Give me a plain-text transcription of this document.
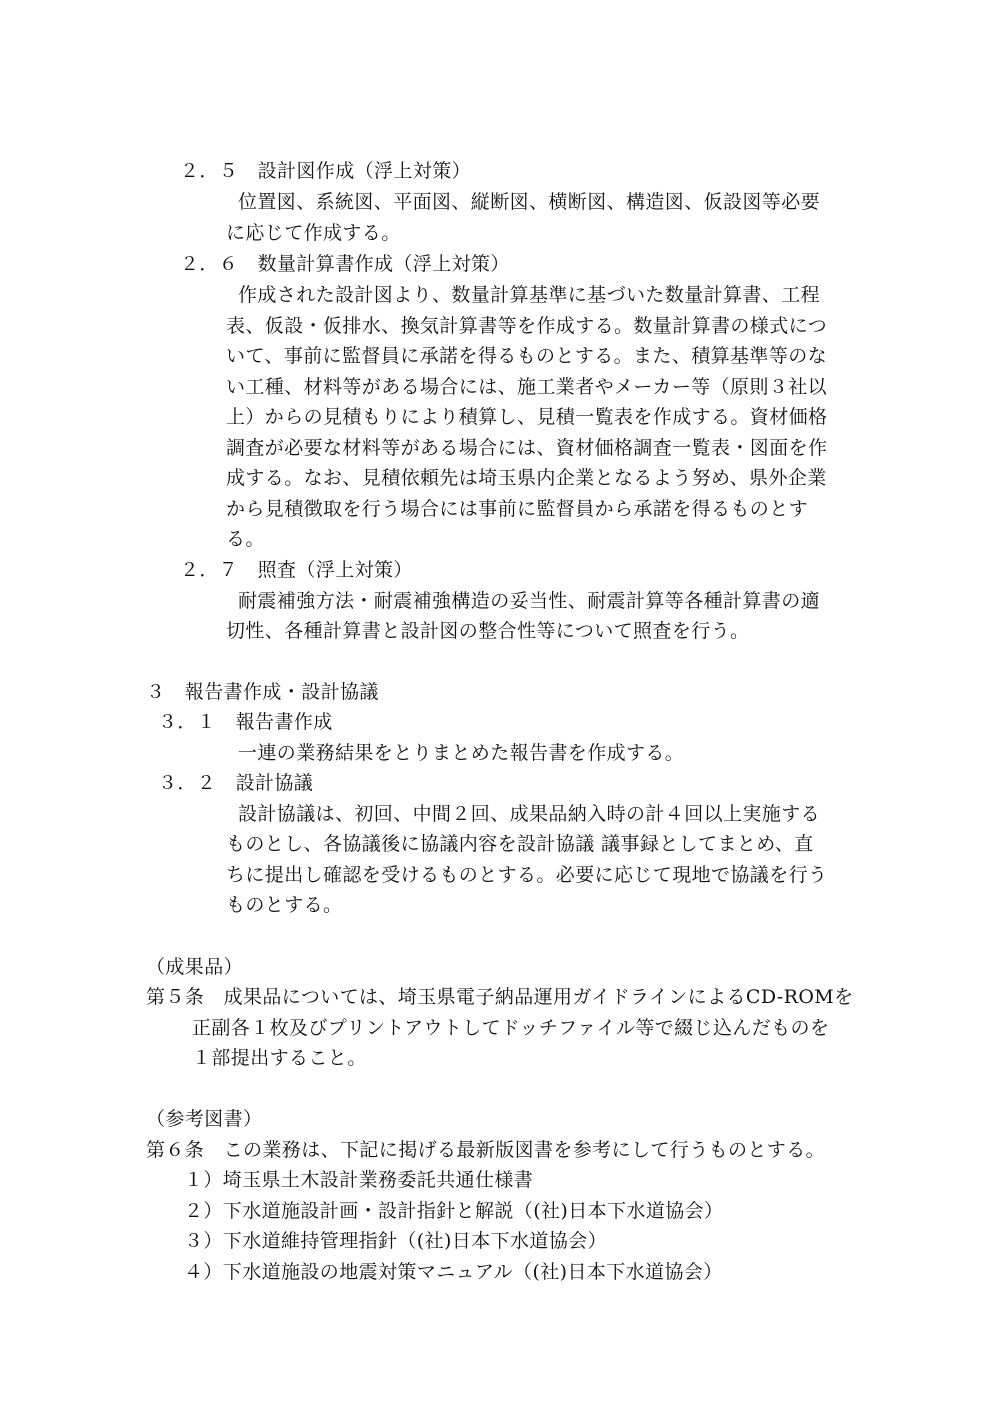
２．５　設計図作成（浮上対策）
位置図、系統図、平面図、縦断図、横断図、構造図、仮設図等必要
に応じて作成する。
２．６　数量計算書作成（浮上対策）
作成された設計図より、数量計算基準に基づいた数量計算書、工程
表、仮設・仮排水、換気計算書等を作成する。数量計算書の様式につ
いて、事前に監督員に承諾を得るものとする。また、積算基準等のな
い工種、材料等がある場合には、施工業者やメーカー等（原則３社以
上）からの見積もりにより積算し、見積一覧表を作成する。資材価格
調査が必要な材料等がある場合には、資材価格調査一覧表・図面を作
成する。なお、見積依頼先は埼玉県内企業となるよう努め、県外企業
から見積徴取を行う場合には事前に監督員から承諾を得るものとす
る。
２．７　照査（浮上対策）
耐震補強方法・耐震補強構造の妥当性、耐震計算等各種計算書の適
切性、各種計算書と設計図の整合性等について照査を行う。
３　報告書作成・設計協議
３．１　報告書作成
一連の業務結果をとりまとめた報告書を作成する。
３．２　設計協議
設計協議は、初回、中間２回、成果品納入時の計４回以上実施する
ものとし、各協議後に協議内容を設計協議 議事録としてまとめ、直
ちに提出し確認を受けるものとする。必要に応じて現地で協議を行う
ものとする。
（成果品）
第５条　成果品については、埼玉県電子納品運用ガイドラインによるCD-ROMを
正副各１枚及びプリントアウトしてドッチファイル等で綴じ込んだものを
１部提出すること。
（参考図書）
第６条　この業務は、下記に掲げる最新版図書を参考にして行うものとする。
１）埼玉県土木設計業務委託共通仕様書
２）下水道施設計画・設計指針と解説（(社)日本下水道協会）
３）下水道維持管理指針（(社)日本下水道協会）
４）下水道施設の地震対策マニュアル（(社)日本下水道協会）
